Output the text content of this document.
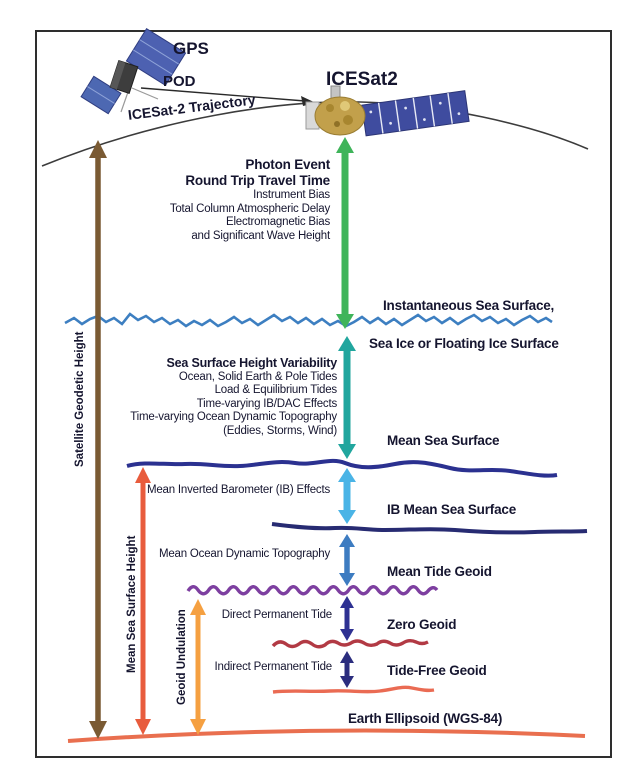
GPS
POD	ICESat2
ICESat-2 Trajectory
Photon Event
Round Trip Travel Time
Instrument Bias
Total Column Atmospheric Delay
Electromagnetic Bias
and Significant Wave Height
Sea Surface Height Variability
Ocean, Solid Earth & Pole Tides
Load & Equilibrium Tides
Time-varying IB/DAC Effects
Time-varying Ocean Dynamic Topography
(Eddies, Storms, Wind)
Instantaneous Sea Surface,
Sea Ice or Floating Ice Surface
Mean Sea Surface
IB Mean Sea Surface
Mean Tide Geoid
Zero Geoid
Tide-Free Geoid
Earth Ellipsoid (WGS-84)
Mean Inverted Barometer (IB) Effects
Mean Ocean Dynamic Topography
Direct Permanent Tide
Indirect Permanent Tide
Satellite Geodetic Height
Mean Sea Surface Height	Geoid Undulation
